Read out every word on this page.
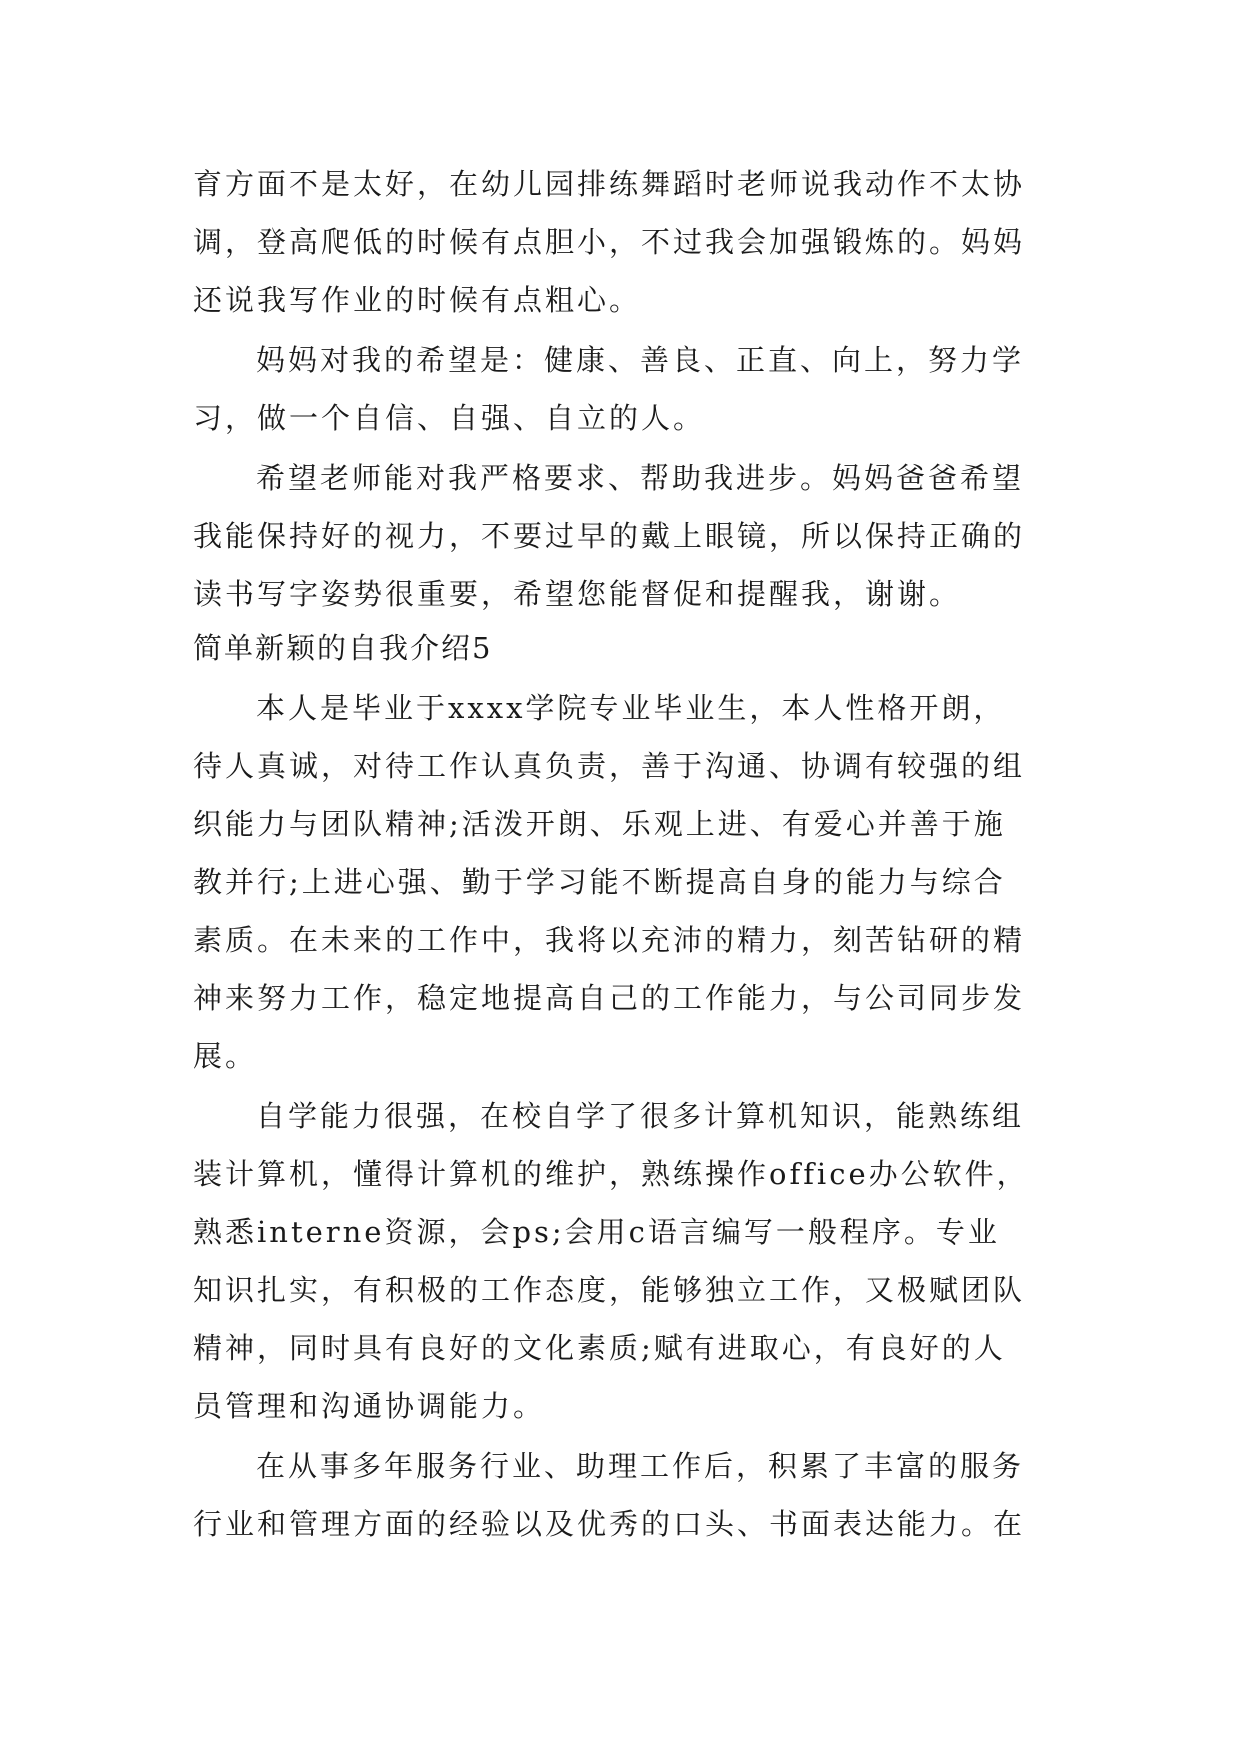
育方面不是太好，在幼儿园排练舞蹈时老师说我动作不太协
调，登高爬低的时候有点胆小，不过我会加强锻炼的。妈妈
还说我写作业的时候有点粗心。
妈妈对我的希望是：健康、善良、正直、向上，努力学
习，做一个自信、自强、自立的人。
希望老师能对我严格要求、帮助我进步。妈妈爸爸希望
我能保持好的视力，不要过早的戴上眼镜，所以保持正确的
读书写字姿势很重要，希望您能督促和提醒我，谢谢。
简单新颖的自我介绍5
本人是毕业于xxxx学院专业毕业生，本人性格开朗，
待人真诚，对待工作认真负责，善于沟通、协调有较强的组
织能力与团队精神;活泼开朗、乐观上进、有爱心并善于施
教并行;上进心强、勤于学习能不断提高自身的能力与综合
素质。在未来的工作中，我将以充沛的精力，刻苦钻研的精
神来努力工作，稳定地提高自己的工作能力，与公司同步发
展。
自学能力很强，在校自学了很多计算机知识，能熟练组
装计算机，懂得计算机的维护，熟练操作office办公软件，
熟悉interne资源，会ps;会用c语言编写一般程序。专业
知识扎实，有积极的工作态度，能够独立工作，又极赋团队
精神，同时具有良好的文化素质;赋有进取心，有良好的人
员管理和沟通协调能力。
在从事多年服务行业、助理工作后，积累了丰富的服务
行业和管理方面的经验以及优秀的口头、书面表达能力。在
